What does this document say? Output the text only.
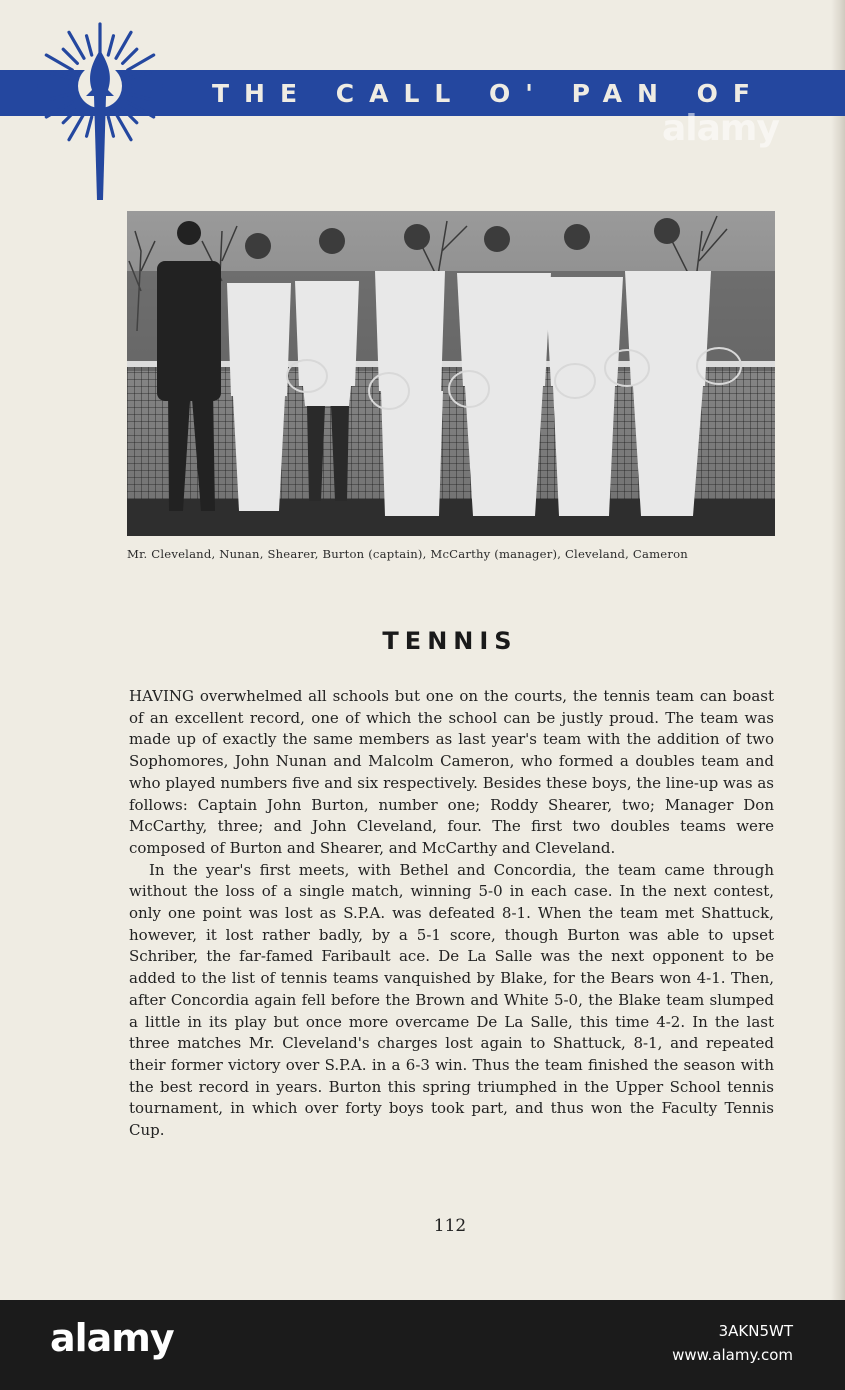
THE CALL O' PAN OF
alamy
Mr. Cleveland, Nunan, Shearer, Burton (captain), McCarthy (manager), Cleveland, Cameron
TENNIS

HAVING overwhelmed all schools but one on the courts, the tennis team can boast of an excellent record, one of which the school can be justly proud. The team was made up of exactly the same members as last year's team with the addition of two Sophomores, John Nunan and Malcolm Cameron, who formed a doubles team and who played numbers five and six respectively. Besides these boys, the line-up was as follows: Captain John Burton, number one; Roddy Shearer, two; Manager Don McCarthy, three; and John Cleveland, four. The first two doubles teams were composed of Burton and Shearer, and McCarthy and Cleveland.

In the year's first meets, with Bethel and Concordia, the team came through without the loss of a single match, winning 5-0 in each case. In the next contest, only one point was lost as S.P.A. was defeated 8-1. When the team met Shattuck, however, it lost rather badly, by a 5-1 score, though Burton was able to upset Schriber, the far-famed Faribault ace. De La Salle was the next opponent to be added to the list of tennis teams vanquished by Blake, for the Bears won 4-1. Then, after Concordia again fell before the Brown and White 5-0, the Blake team slumped a little in its play but once more overcame De La Salle, this time 4-2. In the last three matches Mr. Cleveland's charges lost again to Shattuck, 8-1, and repeated their former victory over S.P.A. in a 6-3 win. Thus the team finished the season with the best record in years. Burton this spring triumphed in the Upper School tennis tournament, in which over forty boys took part, and thus won the Faculty Tennis Cup.

112
alamy	3AKN5WT
www.alamy.com
